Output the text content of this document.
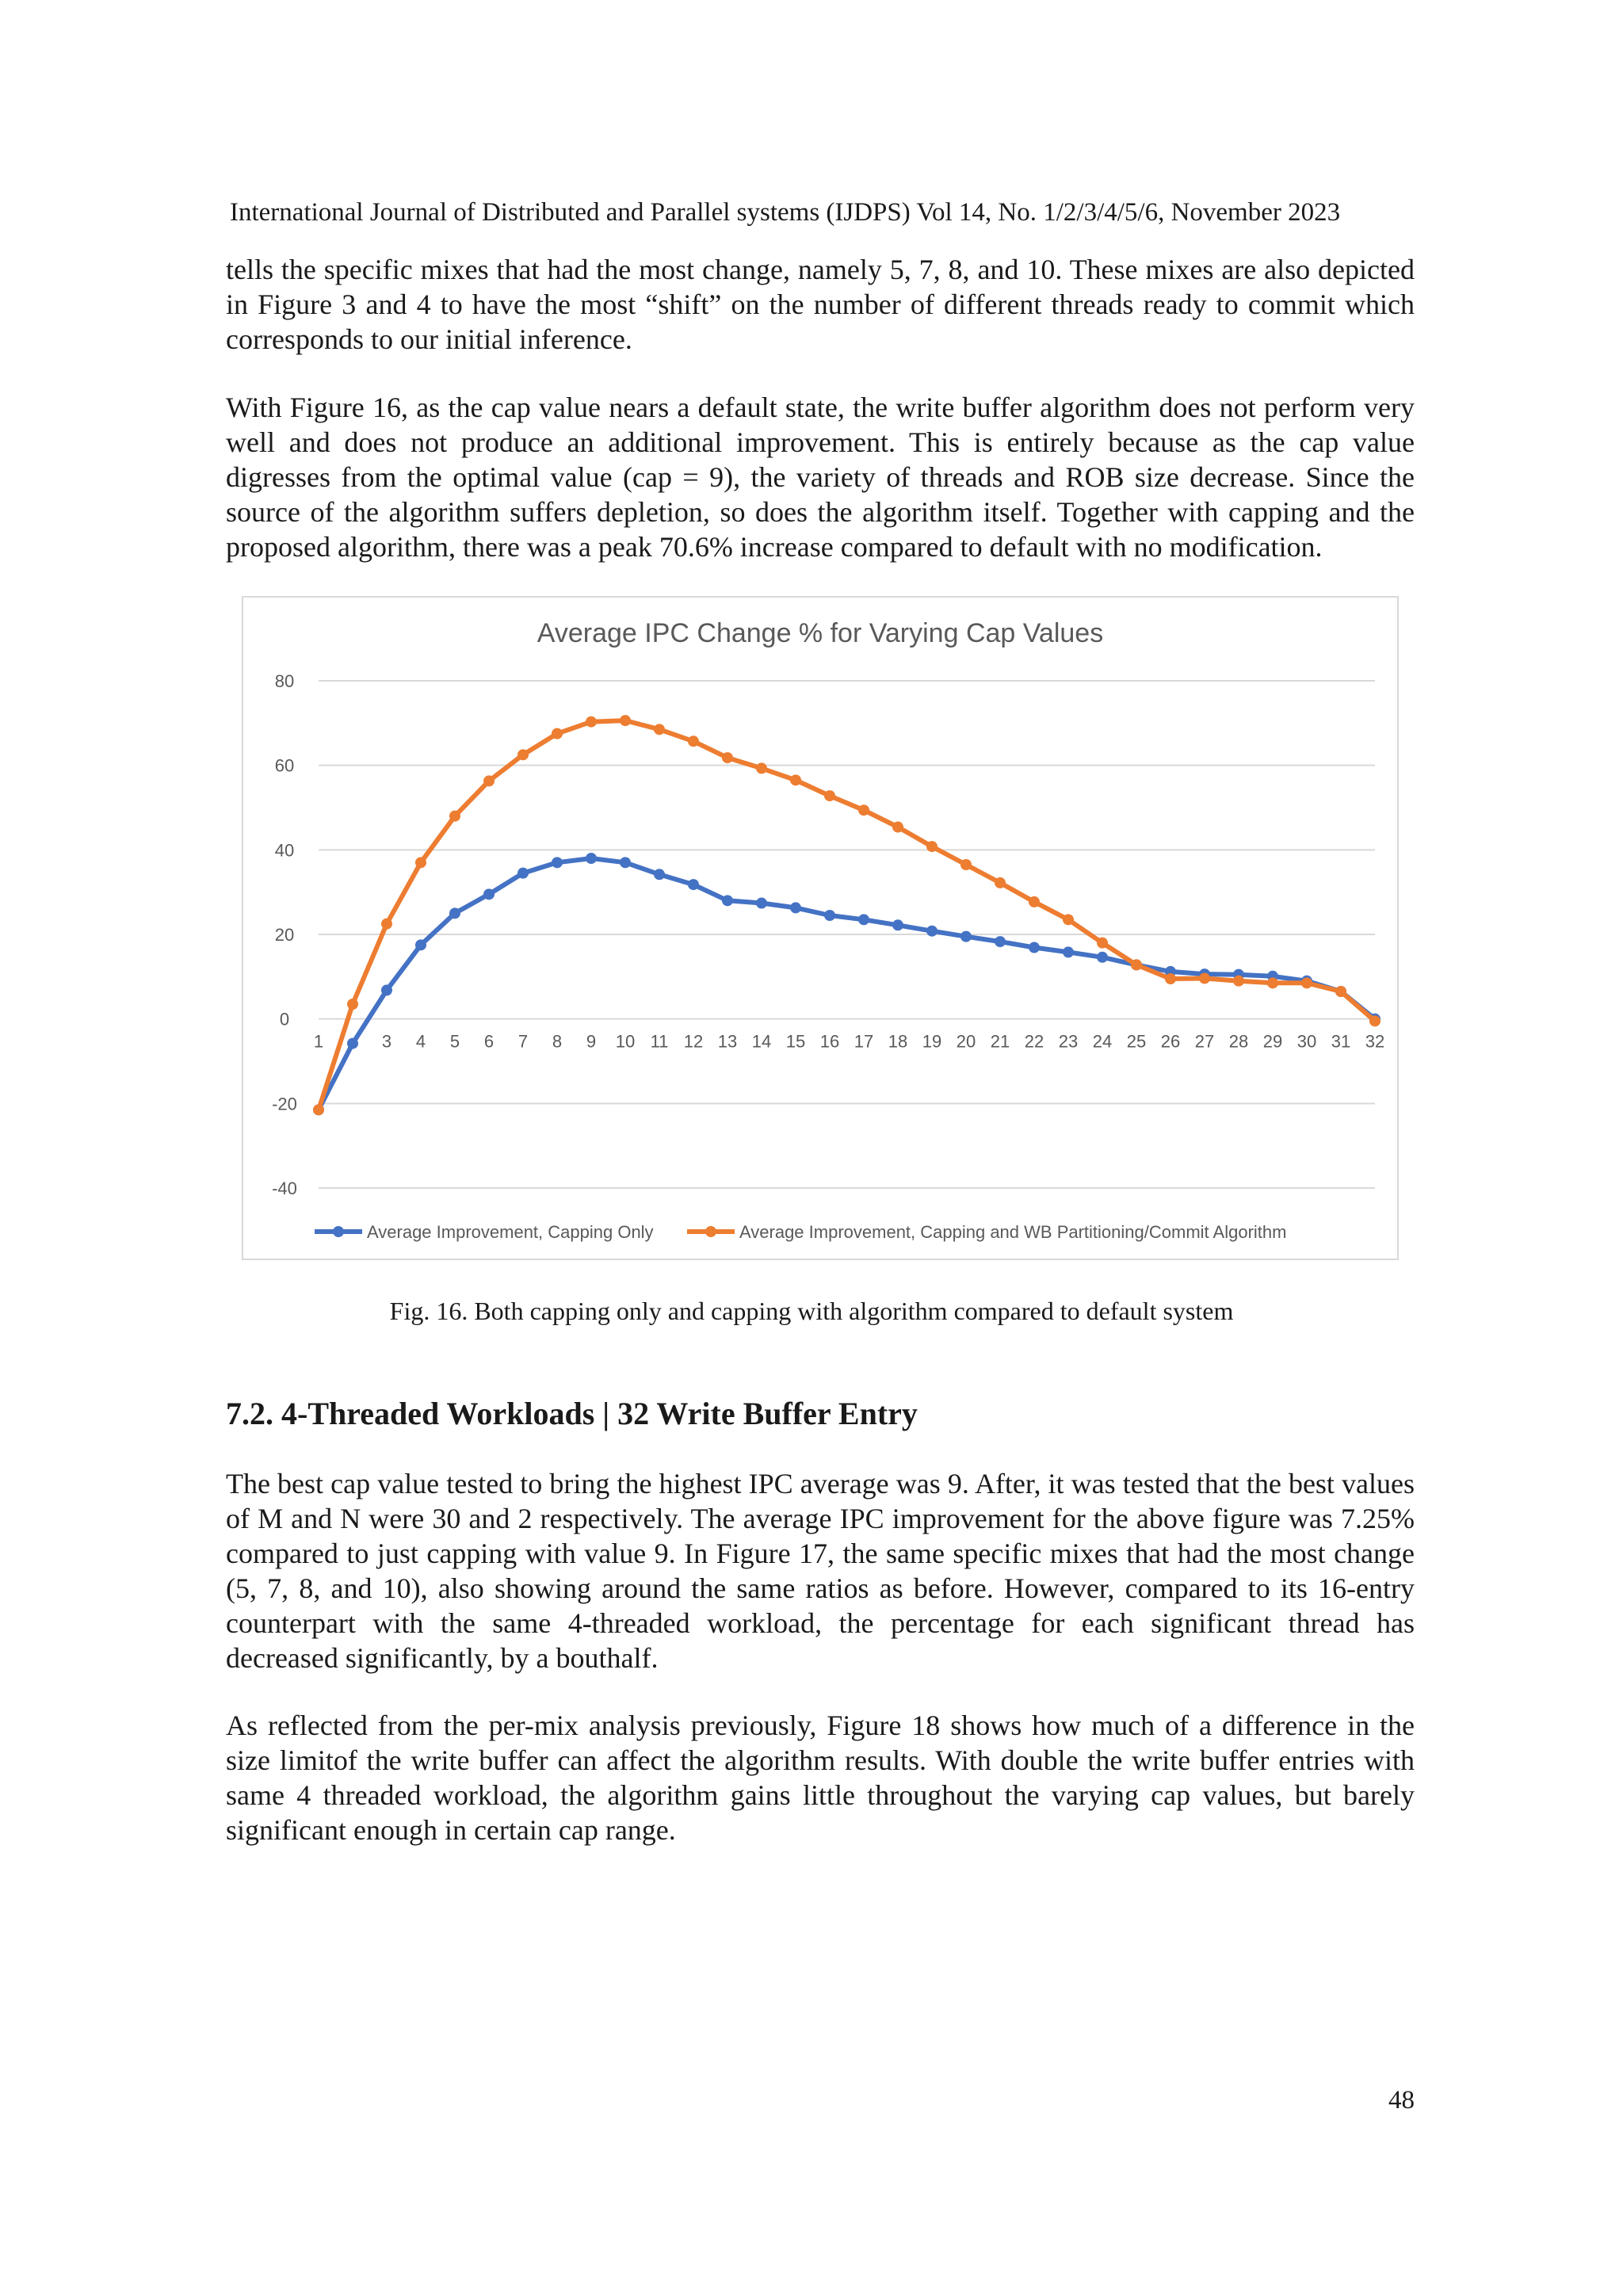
International Journal of Distributed and Parallel systems (IJDPS) Vol 14, No. 1/2/3/4/5/6, November 2023

tells the specific mixes that had the most change, namely 5, 7, 8, and 10. These mixes are also depicted in Figure 3 and 4 to have the most “shift” on the number of different threads ready to commit which corresponds to our initial inference.

With Figure 16, as the cap value nears a default state, the write buffer algorithm does not perform very well and does not produce an additional improvement. This is entirely because as the cap value digresses from the optimal value (cap = 9), the variety of threads and ROB size decrease. Since the source of the algorithm suffers depletion, so does the algorithm itself. Together with capping and the proposed algorithm, there was a peak 70.6% increase compared to default with no modification.

Average IPC Change % for Varying Cap Values
80
60
40
20
0
-20
-40
1	3 4 5 6 7 8 9 10 11 12 13 14 15 16 17 18 19 20 21 22 23 24 25 26 27 28 29 30 31 32
Average Improvement, Capping Only	Average Improvement, Capping and WB Partitioning/Commit Algorithm
Fig. 16. Both capping only and capping with algorithm compared to default system
7.2. 4-Threaded Workloads | 32 Write Buffer Entry

The best cap value tested to bring the highest IPC average was 9. After, it was tested that the best values of M and N were 30 and 2 respectively. The average IPC improvement for the above figure was 7.25% compared to just capping with value 9. In Figure 17, the same specific mixes that had the most change (5, 7, 8, and 10), also showing around the same ratios as before. However, compared to its 16-entry counterpart with the same 4-threaded workload, the percentage for each significant thread has decreased significantly, by a bouthalf.

As reflected from the per-mix analysis previously, Figure 18 shows how much of a difference in the size limitof the write buffer can affect the algorithm results. With double the write buffer entries with same 4 threaded workload, the algorithm gains little throughout the varying cap values, but barely significant enough in certain cap range.

48
